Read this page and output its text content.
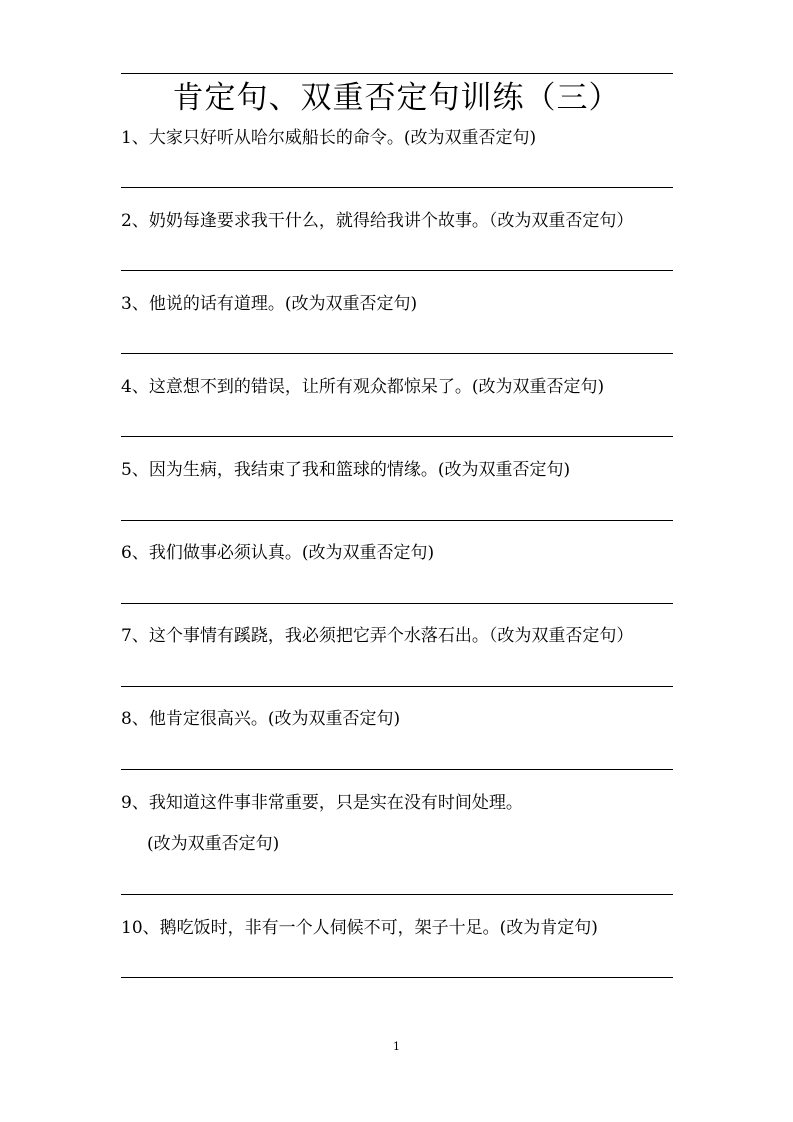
肯定句、双重否定句训练（三）
1、大家只好听从哈尔威船长的命令。(改为双重否定句)
2、奶奶每逢要求我干什么，就得给我讲个故事。（改为双重否定句）
3、他说的话有道理。(改为双重否定句)
4、这意想不到的错误，让所有观众都惊呆了。(改为双重否定句)
5、因为生病，我结束了我和篮球的情缘。(改为双重否定句)
6、我们做事必须认真。(改为双重否定句)
7、这个事情有蹊跷，我必须把它弄个水落石出。（改为双重否定句）
8、他肯定很高兴。(改为双重否定句)
9、我知道这件事非常重要，只是实在没有时间处理。
(改为双重否定句)
10、鹅吃饭时，非有一个人伺候不可，架子十足。(改为肯定句)
1
